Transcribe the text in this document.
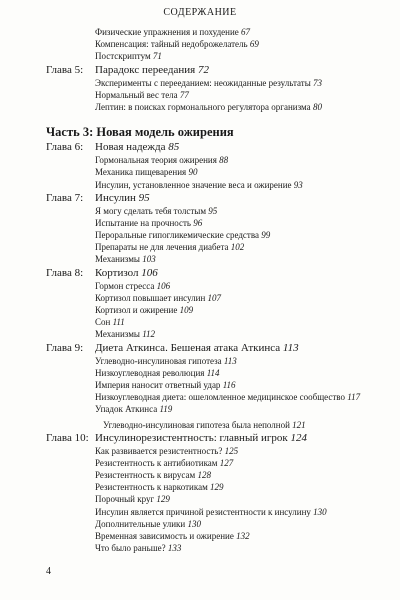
СОДЕРЖАНИЕ
Физические упражнения и похудение 67
Компенсация: тайный недоброжелатель 69
Постскриптум 71
Глава 5: Парадокс переедания 72
Эксперименты с перееданием: неожиданные результаты 73
Нормальный вес тела 77
Лептин: в поисках гормонального регулятора организма 80
Часть 3: Новая модель ожирения
Глава 6: Новая надежда 85
Гормональная теория ожирения 88
Механика пищеварения 90
Инсулин, установленное значение веса и ожирение 93
Глава 7: Инсулин 95
Я могу сделать тебя толстым 95
Испытание на прочность 96
Пероральные гипогликемические средства 99
Препараты не для лечения диабета 102
Механизмы 103
Глава 8: Кортизол 106
Гормон стресса 106
Кортизол повышает инсулин 107
Кортизол и ожирение 109
Сон 111
Механизмы 112
Глава 9: Диета Аткинса. Бешеная атака Аткинса 113
Углеводно-инсулиновая гипотеза 113
Низкоуглеводная революция 114
Империя наносит ответный удар 116
Низкоуглеводная диета: ошеломленное медицинское сообщество 117
Упадок Аткинса 119
Углеводно-инсулиновая гипотеза была неполной 121
Глава 10: Инсулинорезистентность: главный игрок 124
Как развивается резистентность? 125
Резистентность к антибиотикам 127
Резистентность к вирусам 128
Резистентность к наркотикам 129
Порочный круг 129
Инсулин является причиной резистентности к инсулину 130
Дополнительные улики 130
Временная зависимость и ожирение 132
Что было раньше? 133
4
